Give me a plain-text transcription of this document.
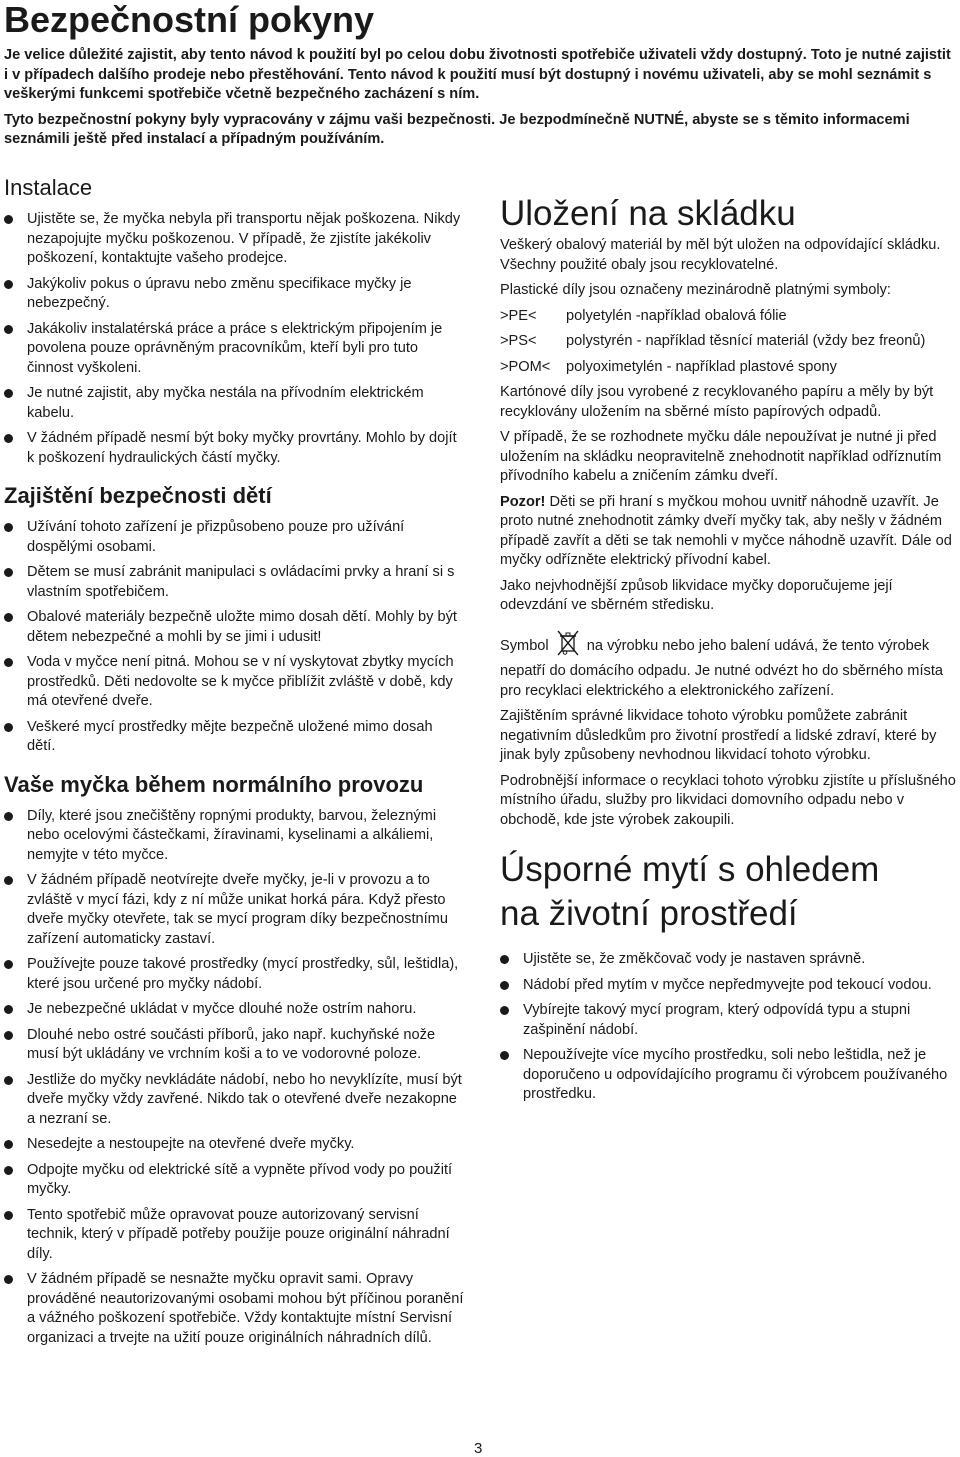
Bezpečnostní pokyny

Je velice důležité zajistit, aby tento návod k použití byl po celou dobu životnosti spotřebiče uživateli vždy dostupný. Toto je nutné zajistit i v případech dalšího prodeje nebo přestěhování. Tento návod k použití musí být dostupný i novému uživateli, aby se mohl seznámit s veškerými funkcemi spotřebiče včetně bezpečného zacházení s ním.

Tyto bezpečnostní pokyny byly vypracovány v zájmu vaši bezpečnosti. Je bezpodmínečně NUTNÉ, abyste se s těmito informacemi seznámili ještě před instalací a případným používáním.

Instalace
Ujistěte se, že myčka nebyla při transportu nějak poškozena. Nikdy nezapojujte myčku poškozenou. V případě, že zjistíte jakékoliv poškození, kontaktujte vašeho prodejce.
Jakýkoliv pokus o úpravu nebo změnu specifikace myčky je nebezpečný.
Jakákoliv instalatérská práce a práce s elektrickým připojením je povolena pouze oprávněným pracovníkům, kteří byli pro tuto činnost vyškoleni.
Je nutné zajistit, aby myčka nestála na přívodním elektrickém kabelu.
V žádném případě nesmí být boky myčky provrtány. Mohlo by dojít k poškození hydraulických částí myčky.
Zajištění bezpečnosti dětí
Užívání tohoto zařízení je přizpůsobeno pouze pro užívání dospělými osobami.
Dětem se musí zabránit manipulaci s ovládacími prvky a hraní si s vlastním spotřebičem.
Obalové materiály bezpečně uložte mimo dosah dětí. Mohly by být dětem nebezpečné a mohli by se jimi i udusit!
Voda v myčce není pitná. Mohou se v ní vyskytovat zbytky mycích prostředků. Děti nedovolte se k myčce přiblížit zvláště v době, kdy má otevřené dveře.
Veškeré mycí prostředky mějte bezpečně uložené mimo dosah dětí.
Vaše myčka během normálního provozu
Díly, které jsou znečištěny ropnými produkty, barvou, železnými nebo ocelovými částečkami, žíravinami, kyselinami a alkáliemi, nemyjte v této myčce.
V žádném případě neotvírejte dveře myčky, je-li v provozu a to zvláště v mycí fázi, kdy z ní může unikat horká pára. Když přesto dveře myčky otevřete, tak se mycí program díky bezpečnostnímu zařízení automaticky zastaví.
Používejte pouze takové prostředky (mycí prostředky, sůl, leštidla), které jsou určené pro myčky nádobí.
Je nebezpečné ukládat v myčce dlouhé nože ostrím nahoru.
Dlouhé nebo ostré součásti příborů, jako např. kuchyňské nože musí být ukládány ve vrchním koši a to ve vodorovné poloze.
Jestliže do myčky nevkládáte nádobí, nebo ho nevyklízíte, musí být dveře myčky vždy zavřené. Nikdo tak o otevřené dveře nezakopne a nezraní se.
Nesedejte a nestoupejte na otevřené dveře myčky.
Odpojte myčku od elektrické sítě a vypněte přívod vody po použití myčky.
Tento spotřebič může opravovat pouze autorizovaný servisní technik, který v případě potřeby použije pouze originální náhradní díly.
V žádném případě se nesnažte myčku opravit sami. Opravy prováděné neautorizovanými osobami mohou být příčinou poranění a vážného poškození spotřebiče. Vždy kontaktujte místní Servisní organizaci a trvejte na užití pouze originálních náhradních dílů.
Uložení na skládku

Veškerý obalový materiál by měl být uložen na odpovídající skládku. Všechny použité obaly jsou recyklovatelné.

Plastické díly jsou označeny mezinárodně platnými symboly:

>PE<	polyetylén -například obalová fólie
>PS<	polystyrén - například těsnící materiál (vždy bez freonů)
>POM<	polyoximetylén - například plastové spony

Kartónové díly jsou vyrobené z recyklovaného papíru a měly by být recyklovány uložením na sběrné místo papírových odpadů.

V případě, že se rozhodnete myčku dále nepoužívat je nutné ji před uložením na skládku neopravitelně znehodnotit například odříznutím přívodního kabelu a zničením zámku dveří.

Pozor! Děti se při hraní s myčkou mohou uvnitř náhodně uzavřít. Je proto nutné znehodnotit zámky dveří myčky tak, aby nešly v žádném případě zavřít a děti se tak nemohli v myčce náhodně uzavřít. Dále od myčky odřízněte elektrický přívodní kabel.

Jako nejvhodnější způsob likvidace myčky doporučujeme její odevzdání ve sběrném středisku.

Symbol	na výrobku nebo jeho balení udává, že tento výrobek nepatří do domácího odpadu. Je nutné odvézt ho do sběrného místa pro recyklaci elektrického a elektronického zařízení.

Zajištěním správné likvidace tohoto výrobku pomůžete zabránit negativním důsledkům pro životní prostředí a lidské zdraví, které by jinak byly způsobeny nevhodnou likvidací tohoto výrobku.

Podrobnější informace o recyklaci tohoto výrobku zjistíte u příslušného místního úřadu, služby pro likvidaci domovního odpadu nebo v obchodě, kde jste výrobek zakoupili.

Úsporné mytí s ohledem
na životní prostředí
Ujistěte se, že změkčovač vody je nastaven správně.
Nádobí před mytím v myčce nepředmyvejte pod tekoucí vodou.
Vybírejte takový mycí program, který odpovídá typu a stupni zašpinění nádobí.
Nepoužívejte více mycího prostředku, soli nebo leštidla, než je doporučeno u odpovídajícího programu či výrobcem používaného prostředku.
3
